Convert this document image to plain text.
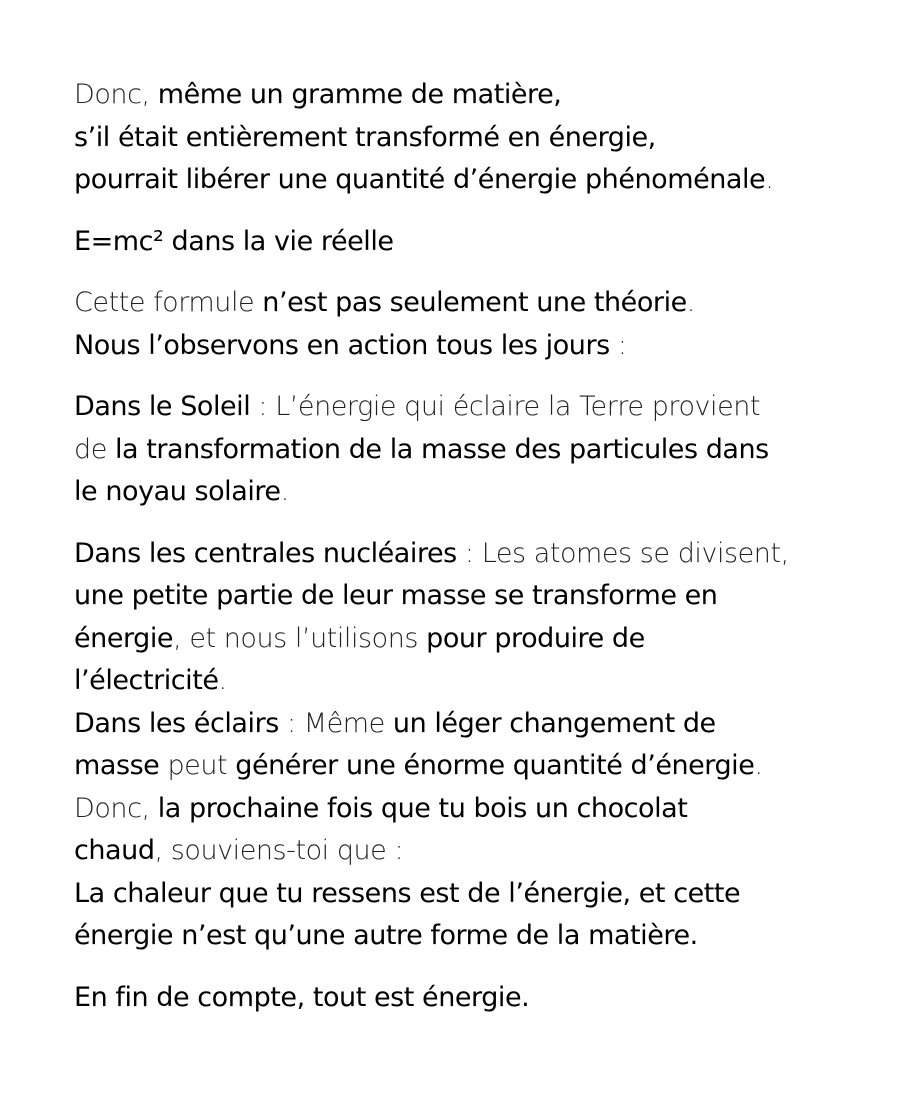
Donc, même un gramme de matière,
s’il était entièrement transformé en énergie,
pourrait libérer une quantité d’énergie phénoménale.

E=mc² dans la vie réelle

Cette formule n’est pas seulement une théorie.
Nous l’observons en action tous les jours :

Dans le Soleil : L’énergie qui éclaire la Terre provient
de la transformation de la masse des particules dans
le noyau solaire.

Dans les centrales nucléaires : Les atomes se divisent,
une petite partie de leur masse se transforme en
énergie, et nous l’utilisons pour produire de
l’électricité.
Dans les éclairs : Même un léger changement de
masse peut générer une énorme quantité d’énergie.
Donc, la prochaine fois que tu bois un chocolat
chaud, souviens-toi que :
La chaleur que tu ressens est de l’énergie, et cette
énergie n’est qu’une autre forme de la matière.

En fin de compte, tout est énergie.
